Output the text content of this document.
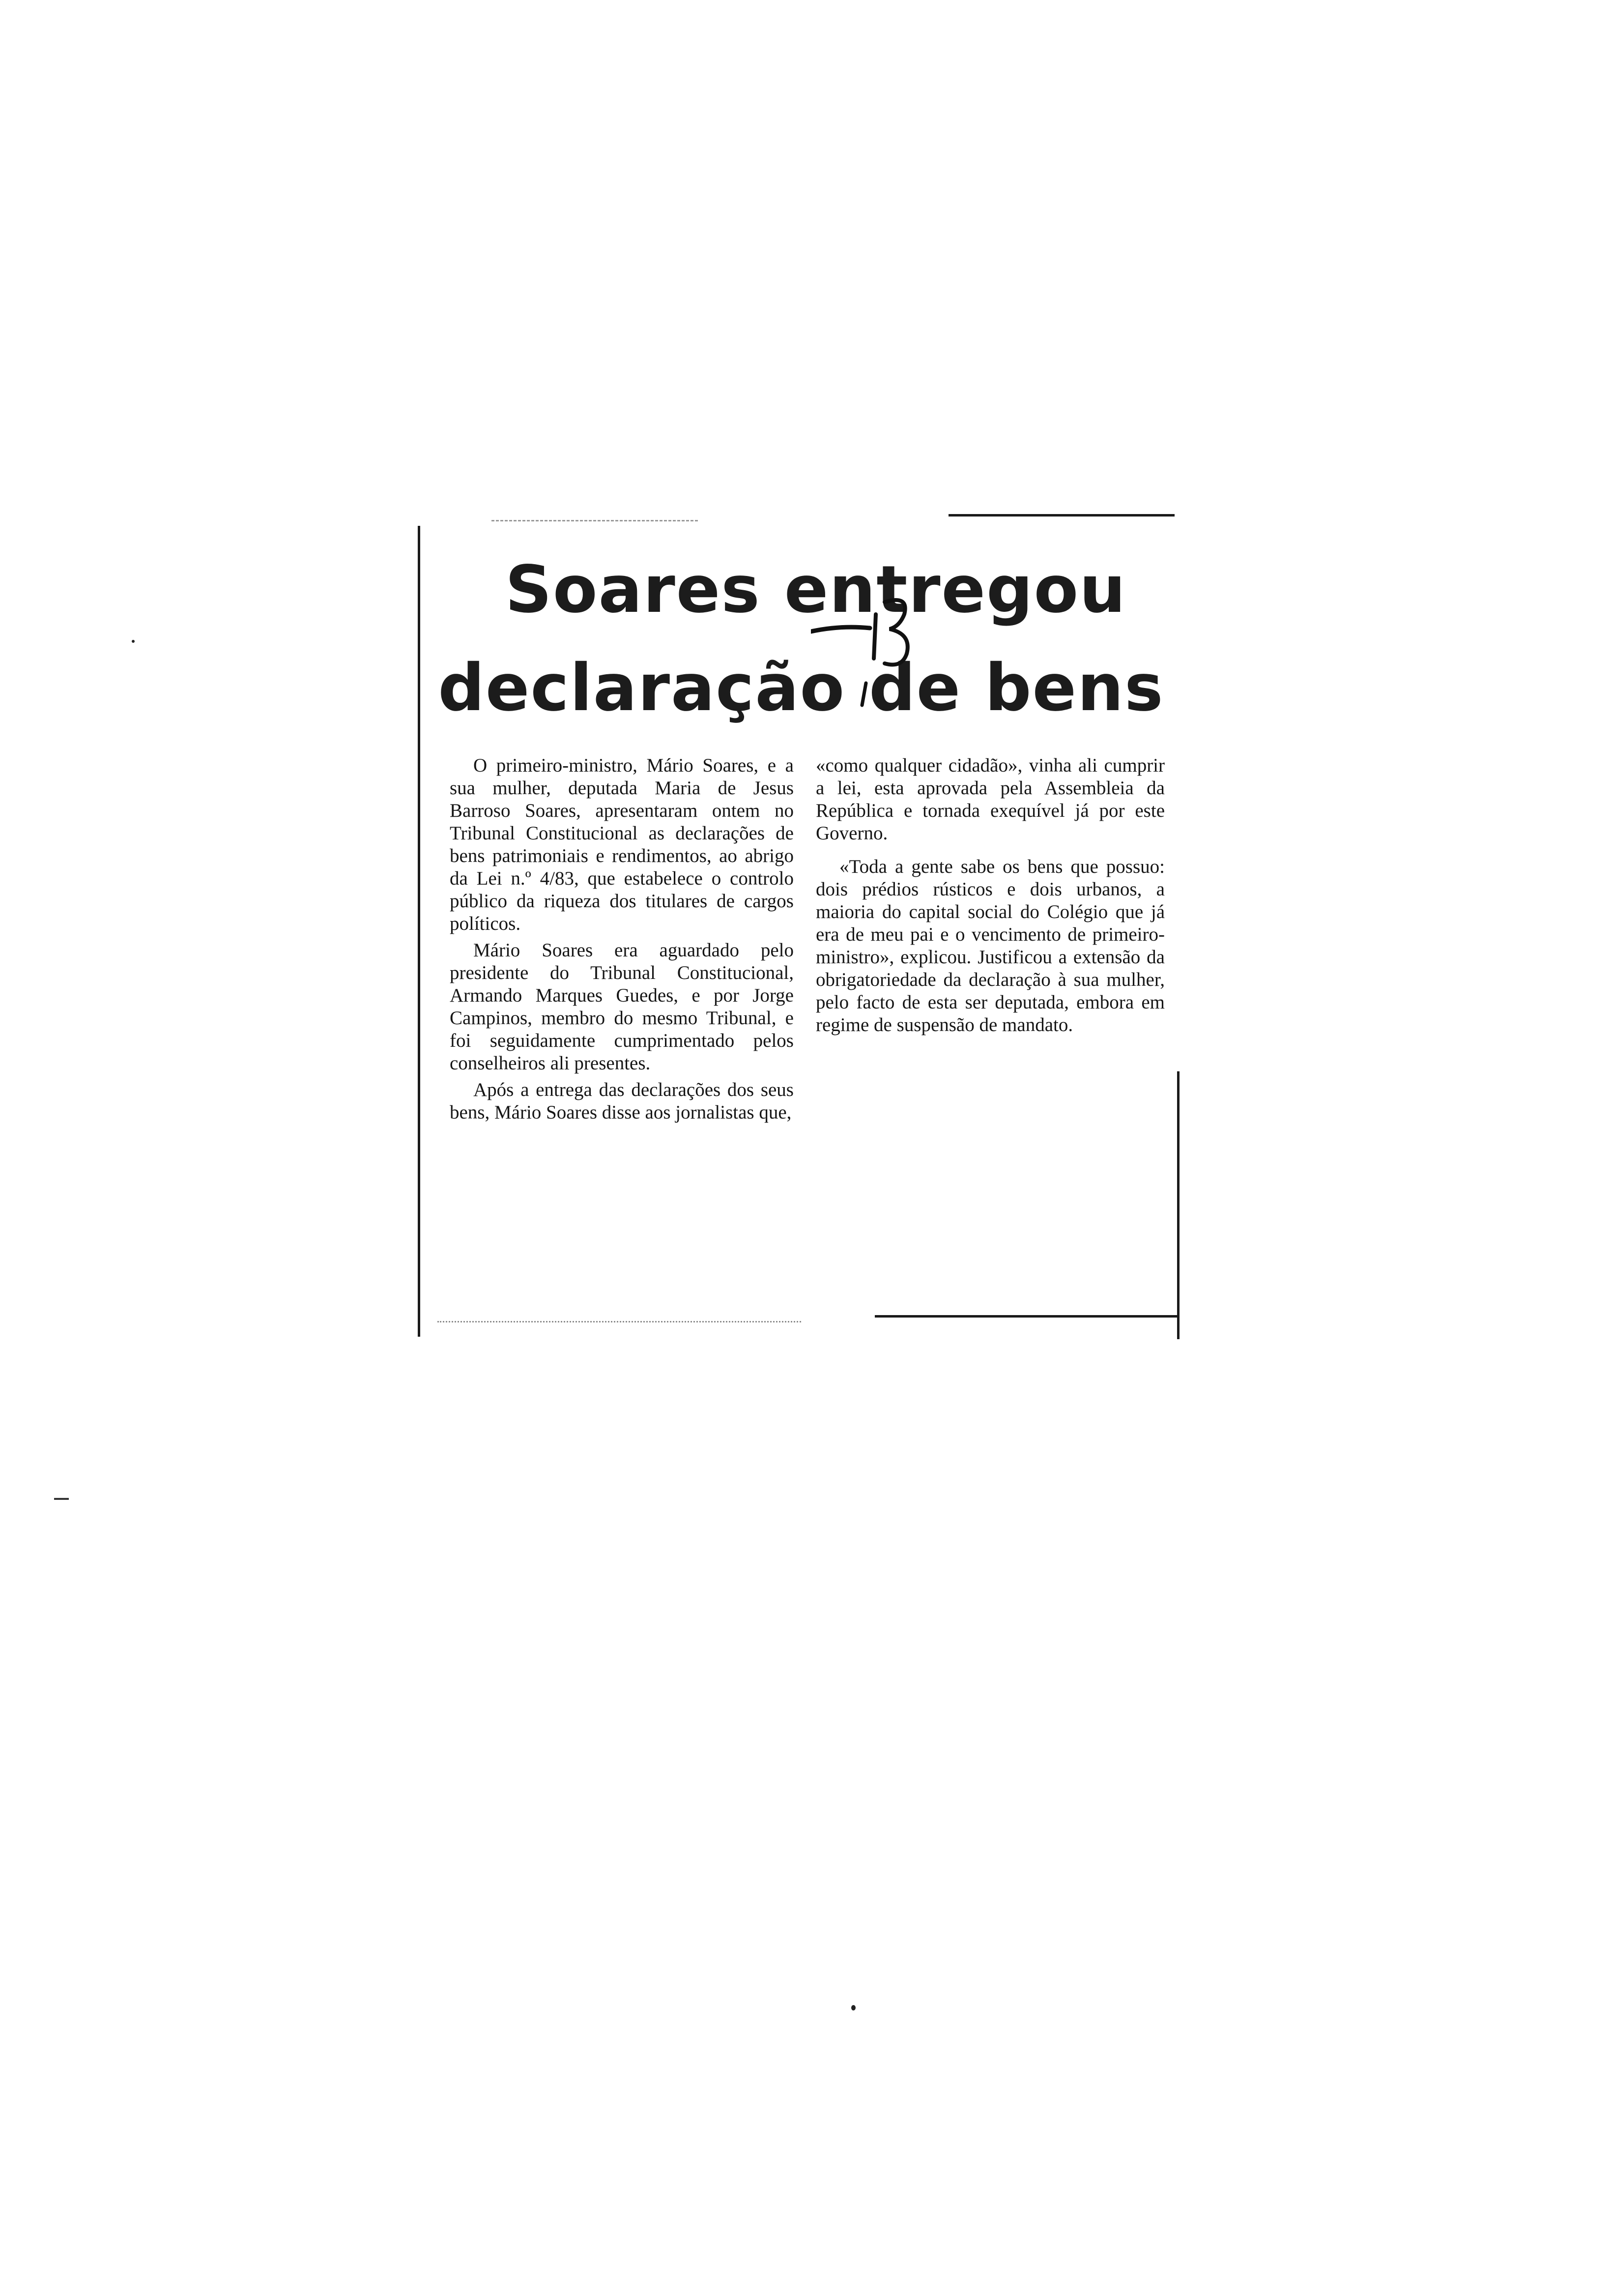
Soares entregou
declaração de bens

O primeiro-ministro, Mário Soares, e a sua mulher, deputada Maria de Jesus Barroso Soares, apresentaram ontem no Tribunal Constitucional as declarações de bens patrimoniais e rendimentos, ao abrigo da Lei n.º 4/83, que estabelece o controlo público da riqueza dos titulares de cargos políticos.

Mário Soares era aguardado pelo presidente do Tribunal Constitucional, Armando Marques Guedes, e por Jorge Campinos, membro do mesmo Tribunal, e foi seguidamente cumprimentado pelos conselheiros ali presentes.

Após a entrega das declarações dos seus bens, Mário Soares disse aos jornalistas que,

«como qualquer cidadão», vinha ali cumprir a lei, esta aprovada pela Assembleia da República e tornada exequível já por este Governo.

«Toda a gente sabe os bens que possuo: dois prédios rústicos e dois urbanos, a maioria do capital social do Colégio que já era de meu pai e o vencimento de primeiro-ministro», explicou. Justificou a extensão da obrigatoriedade da declaração à sua mulher, pelo facto de esta ser deputada, embora em regime de suspensão de mandato.
